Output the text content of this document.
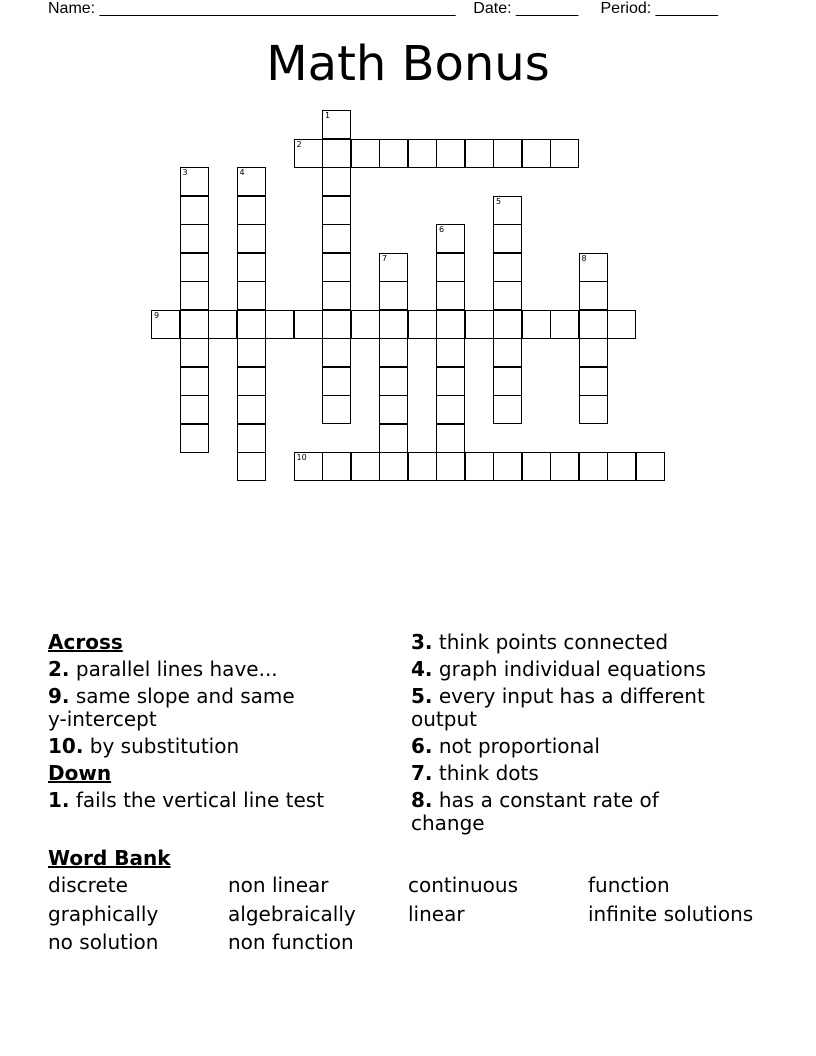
Name: ________________________________________    Date: _______     Period: _______
Math Bonus
1
2
3	4
5
6
7	8
9
10
Across
2. parallel lines have...
9. same slope and same y-intercept
10. by substitution
Down
1. fails the vertical line test
3. think points connected
4. graph individual equations
5. every input has a different output
6. not proportional
7. think dots
8. has a constant rate of change
Word Bank
discrete	non linear	continuous	function
graphically	algebraically	linear	infinite solutions
no solution	non function
